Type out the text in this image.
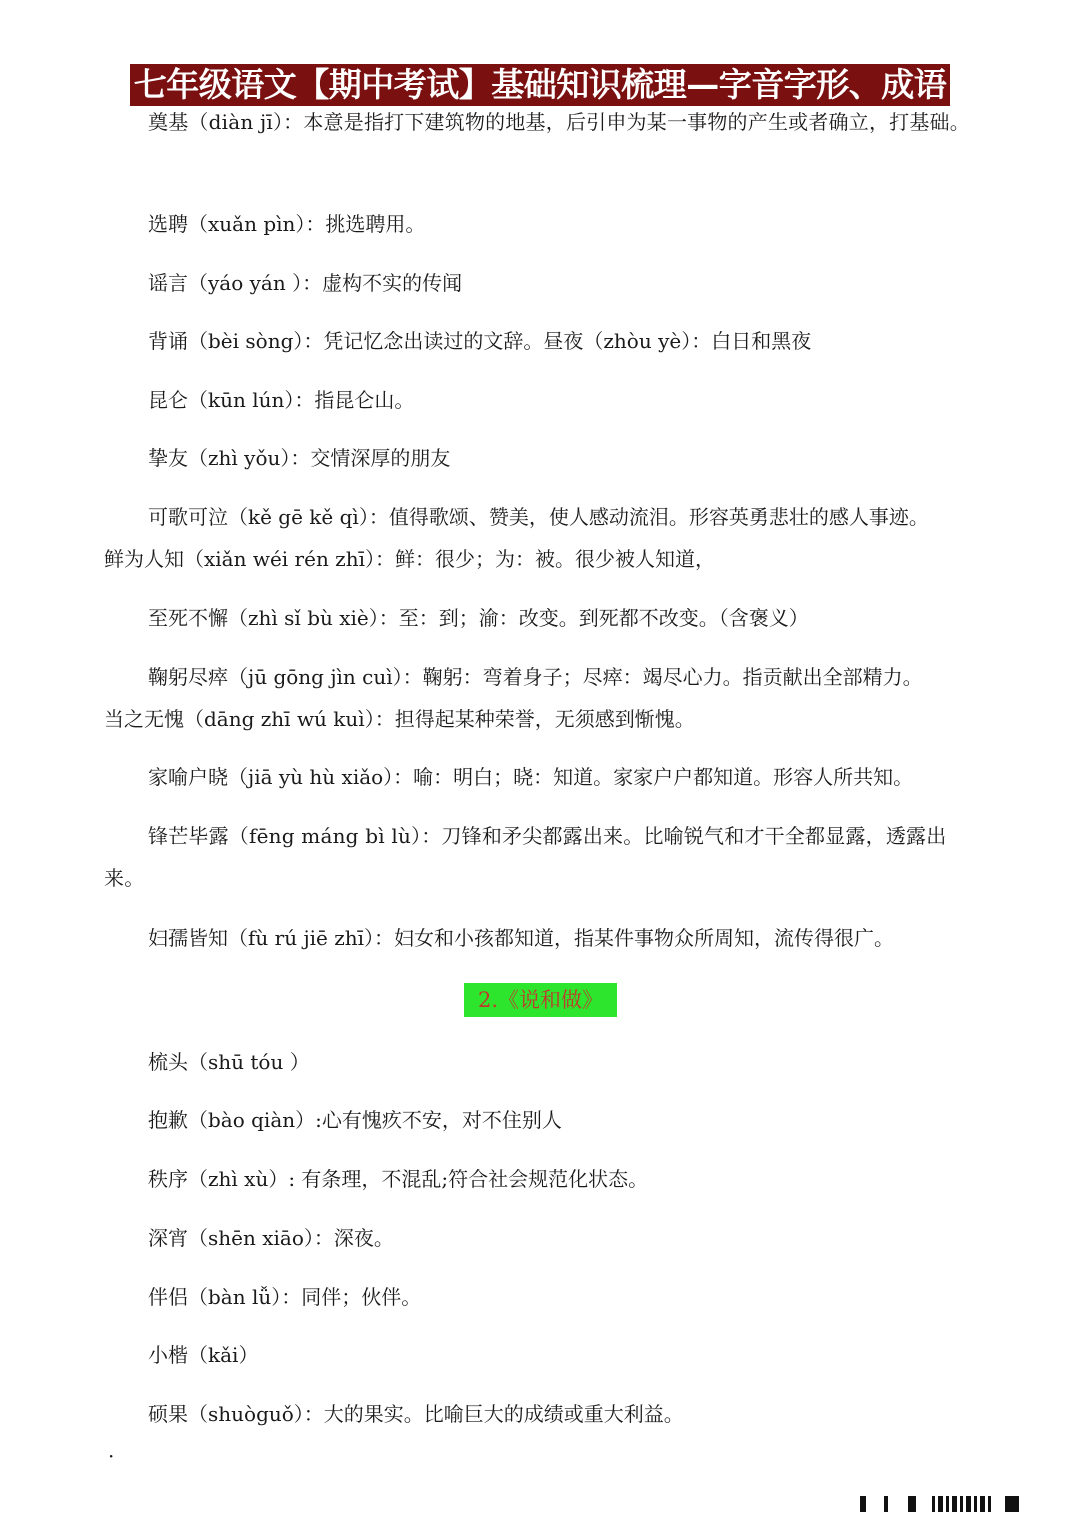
七年级语文【期中考试】基础知识梳理—字音字形、成语
奠基（diàn jī）：本意是指打下建筑物的地基，后引申为某一事物的产生或者确立，打基础。
选聘（xuǎn pìn）：挑选聘用。
谣言（yáo yán ）：虚构不实的传闻
背诵（bèi sòng）：凭记忆念出读过的文辞。昼夜（zhòu yè）：白日和黑夜
昆仑（kūn lún）：指昆仑山。
挚友（zhì yǒu）：交情深厚的朋友
可歌可泣（kě gē kě qì）：值得歌颂、赞美，使人感动流泪。形容英勇悲壮的感人事迹。
鲜为人知（xiǎn wéi rén zhī）：鲜：很少；为：被。很少被人知道，
至死不懈（zhì sǐ bù xiè）：至：到；渝：改变。到死都不改变。（含褒义）
鞠躬尽瘁（jū gōng jìn cuì）：鞠躬：弯着身子；尽瘁：竭尽心力。指贡献出全部精力。
当之无愧（dāng zhī wú kuì）：担得起某种荣誉，无须感到惭愧。
家喻户晓（jiā yù hù xiǎo）：喻：明白；晓：知道。家家户户都知道。形容人所共知。
锋芒毕露（fēng máng bì lù）：刀锋和矛尖都露出来。比喻锐气和才干全都显露，透露出来。
妇孺皆知（fù rú jiē zhī）：妇女和小孩都知道，指某件事物众所周知，流传得很广。
2.《说和做》
梳头（shū tóu ）
抱歉（bào qiàn）:心有愧疚不安，对不住别人
秩序（zhì xù）: 有条理，不混乱;符合社会规范化状态。
深宵（shēn xiāo）：深夜。
伴侣（bàn lǚ）：同伴；伙伴。
小楷（kǎi）
硕果（shuòguǒ）：大的果实。比喻巨大的成绩或重大利益。
·
